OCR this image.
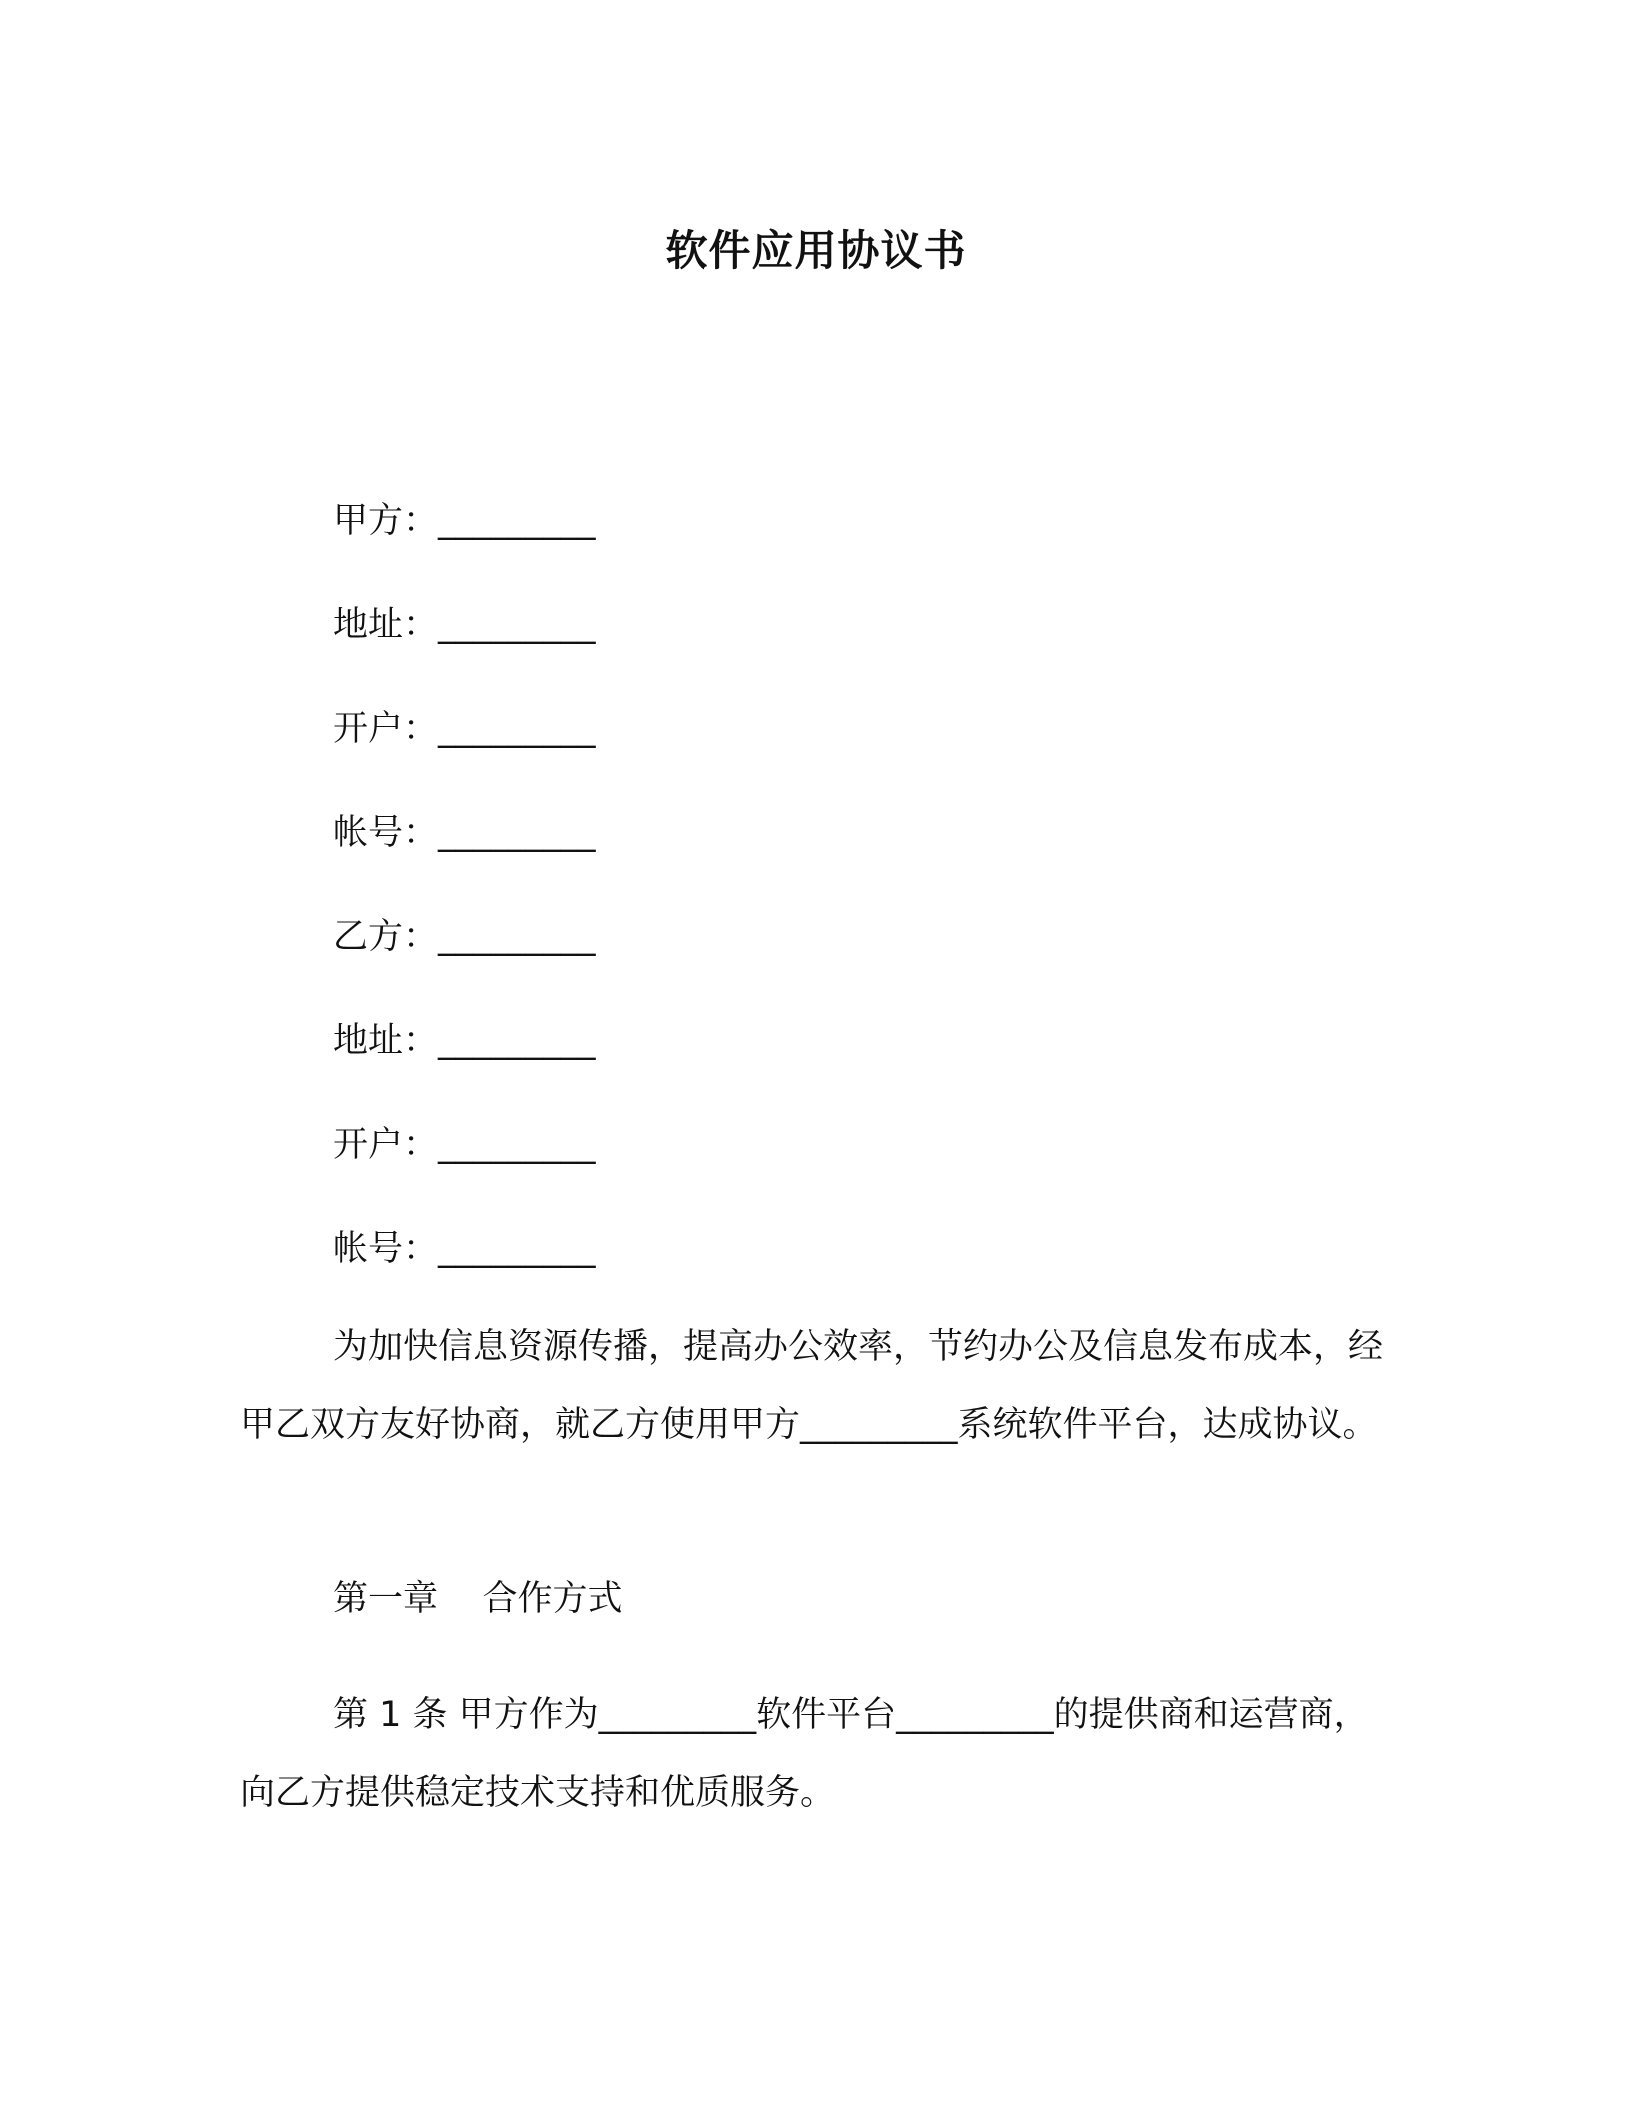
软件应用协议书
甲方：_________
地址：_________
开户：_________
帐号：_________
乙方：_________
地址：_________
开户：_________
帐号：_________

为加快信息资源传播，提高办公效率，节约办公及信息发布成本，经甲乙双方友好协商，就乙方使用甲方_________系统软件平台，达成协议。

第一章    合作方式

第 1 条 甲方作为_________软件平台_________的提供商和运营商，向乙方提供稳定技术支持和优质服务。
